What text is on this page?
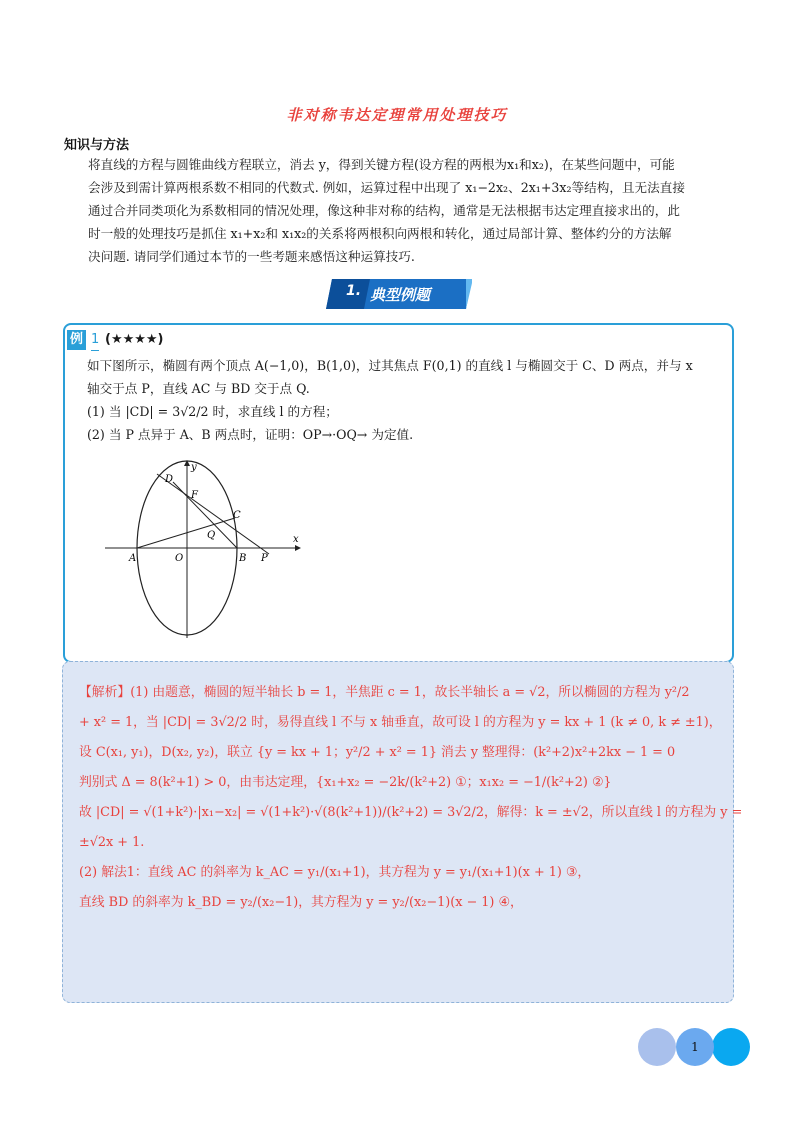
非对称韦达定理常用处理技巧
知识与方法

将直线的方程与圆锥曲线方程联立，消去 y，得到关键方程(设方程的两根为x₁和x₂)，在某些问题中，可能

会涉及到需计算两根系数不相同的代数式. 例如，运算过程中出现了 x₁−2x₂、2x₁+3x₂等结构，且无法直接

通过合并同类项化为系数相同的情况处理，像这种非对称的结构，通常是无法根据韦达定理直接求出的，此

时一般的处理技巧是抓住 x₁+x₂和 x₁x₂的关系将两根积向两根和转化，通过局部计算、整体约分的方法解

决问题. 请同学们通过本节的一些考题来感悟这种运算技巧.

1. 典型例题
例 1 (★★★★)

如下图所示，椭圆有两个顶点 A(−1,0)，B(1,0)，过其焦点 F(0,1) 的直线 l 与椭圆交于 C、D 两点，并与 x

轴交于点 P，直线 AC 与 BD 交于点 Q.

(1) 当 |CD| = 3√2/2 时，求直线 l 的方程；

(2) 当 P 点异于 A、B 两点时，证明：OP→·OQ→ 为定值.

y
x
D
F
C
Q
A	O	B P

【解析】(1) 由题意，椭圆的短半轴长 b = 1，半焦距 c = 1，故长半轴长 a = √2，所以椭圆的方程为 y²/2

+ x² = 1，当 |CD| = 3√2/2 时，易得直线 l 不与 x 轴垂直，故可设 l 的方程为 y = kx + 1 (k ≠ 0, k ≠ ±1)，

设 C(x₁, y₁)，D(x₂, y₂)，联立 {y = kx + 1；y²/2 + x² = 1} 消去 y 整理得：(k²+2)x²+2kx − 1 = 0

判别式 Δ = 8(k²+1) > 0，由韦达定理，{x₁+x₂ = −2k/(k²+2) ①；x₁x₂ = −1/(k²+2) ②}

故 |CD| = √(1+k²)·|x₁−x₂| = √(1+k²)·√(8(k²+1))/(k²+2) = 3√2/2，解得：k = ±√2，所以直线 l 的方程为 y =

±√2x + 1.

(2) 解法1：直线 AC 的斜率为 k_AC = y₁/(x₁+1)，其方程为 y = y₁/(x₁+1)(x + 1) ③，

直线 BD 的斜率为 k_BD = y₂/(x₂−1)，其方程为 y = y₂/(x₂−1)(x − 1) ④，

1
